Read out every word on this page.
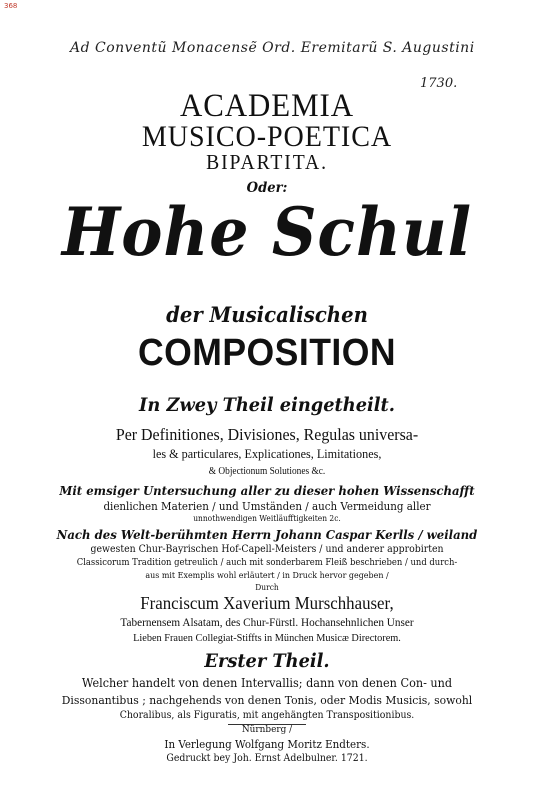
368
Ad Conventũ Monacensẽ Ord. Eremitarũ S. Augustini
1730.
ACADEMIA
MUSICO-POETICA
BIPARTITA.
Oder:
Hohe Schul
der Musicalischen
COMPOSITION
In Zwey Theil eingetheilt.
Per Definitiones, Divisiones, Regulas universa-
les & particulares, Explicationes, Limitationes,
& Objectionum Solutiones &c.
Mit emsiger Untersuchung aller zu dieser hohen Wissenschafft
dienlichen Materien / und Umständen / auch Vermeidung aller
unnothwendigen Weitläufftigkeiten 2c.
Nach des Welt-berühmten Herrn Johann Caspar Kerlls / weiland
gewesten Chur-Bayrischen Hof-Capell-Meisters / und anderer approbirten
Classicorum Tradition getreulich / auch mit sonderbarem Fleiß beschrieben / und durch-
aus mit Exemplis wohl erläutert / in Druck hervor gegeben /
Durch
Franciscum Xaverium Murschhauser,
Tabernensem Alsatam, des Chur-Fürstl. Hochansehnlichen Unser
Lieben Frauen Collegiat-Stiffts in München Musicæ Directorem.
Erster Theil.
Welcher handelt von denen Intervallis; dann von denen Con- und
Dissonantibus ; nachgehends von denen Tonis, oder Modis Musicis, sowohl
Choralibus, als Figuratis, mit angehängten Transpositionibus.
Nürnberg /
In Verlegung Wolfgang Moritz Endters.
Gedruckt bey Joh. Ernst Adelbulner. 1721.
